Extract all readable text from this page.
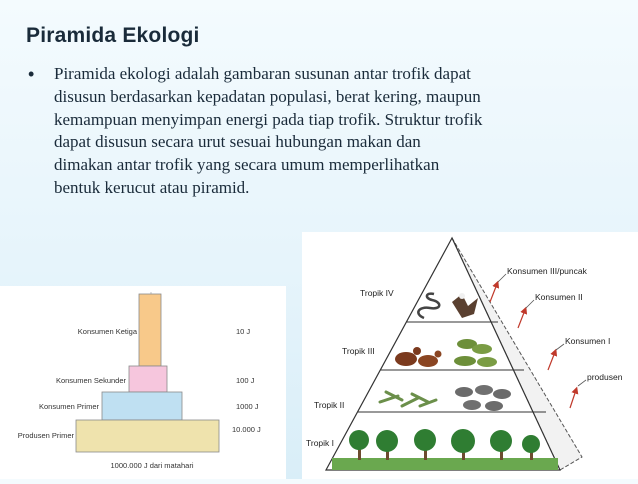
Piramida Ekologi
• Piramida ekologi adalah gambaran susunan antar trofik dapat
disusun berdasarkan kepadatan populasi, berat kering, maupun
kemampuan menyimpan energi pada tiap trofik. Struktur trofik
dapat disusun secara urut sesuai hubungan makan dan
dimakan antar trofik yang secara umum memperlihatkan
bentuk kerucut atau piramid.
Konsumen Ketiga
Konsumen Sekunder
Konsumen Primer
Produsen Primer
10 J
100 J
1000 J
10.000 J
1000.000 J dari matahari
Tropik IV
Tropik III
Tropik II
Tropik I
Konsumen III/puncak
Konsumen II
Konsumen I
produsen
